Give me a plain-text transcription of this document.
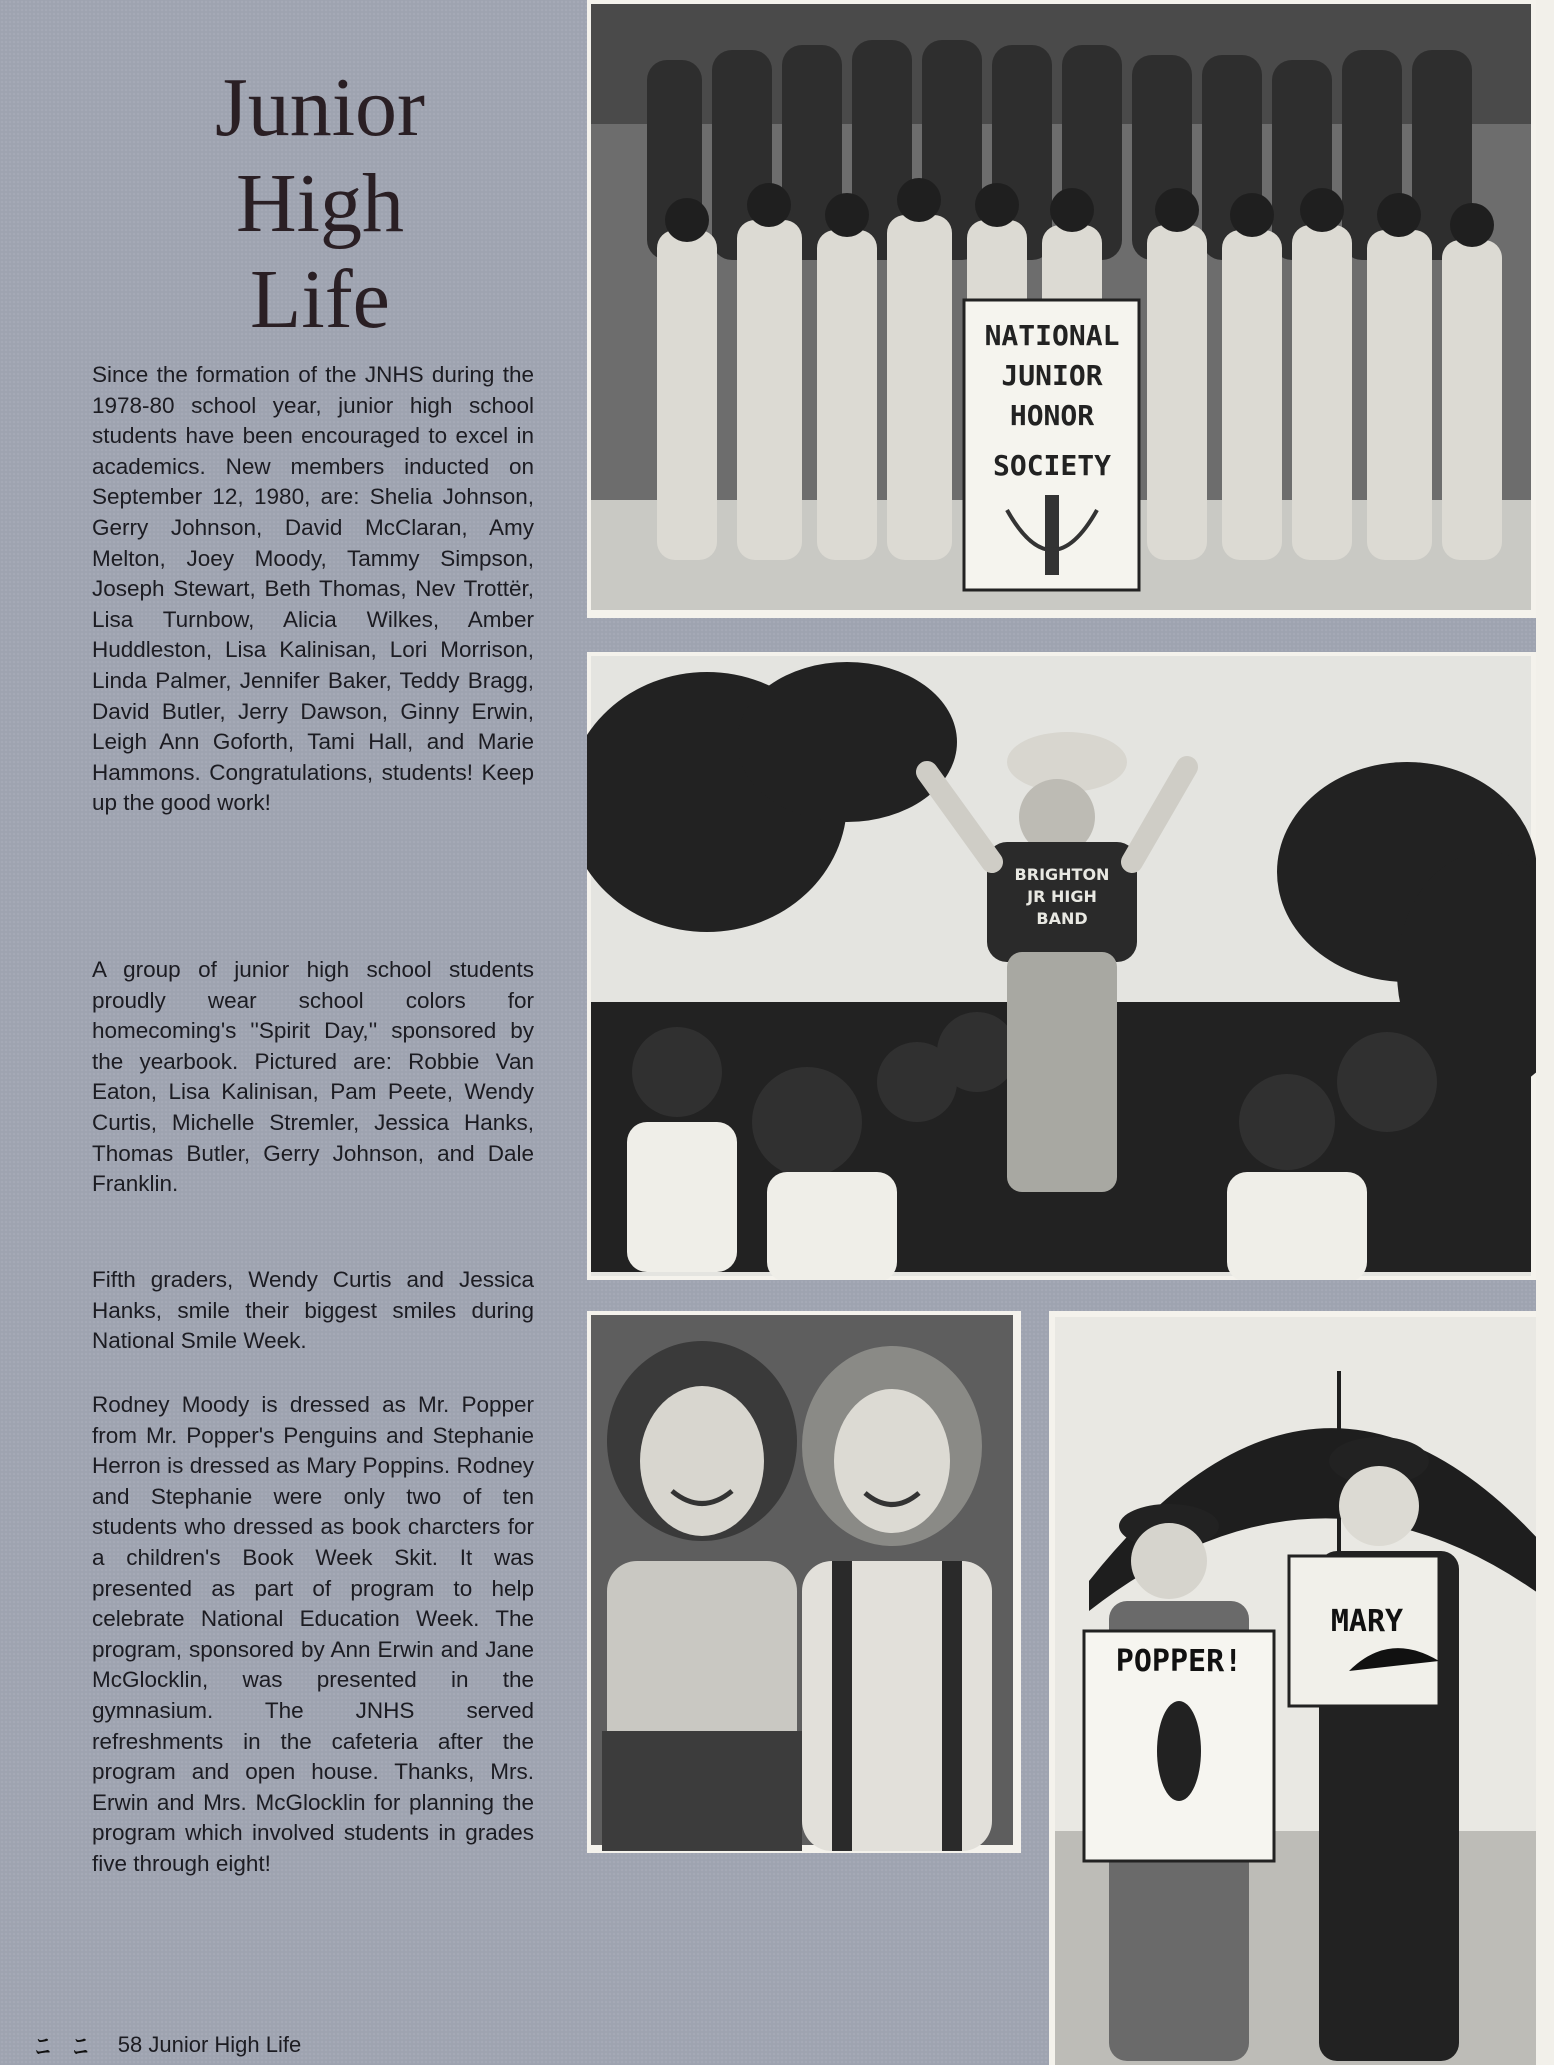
Junior
High
Life

Since the formation of the JNHS during the 1978-80 school year, junior high school students have been encouraged to excel in academics. New members inducted on September 12, 1980, are: Shelia Johnson, Gerry Johnson, David McClaran, Amy Melton, Joey Moody, Tammy Simpson, Joseph Stewart, Beth Thomas, Nev Trottër, Lisa Turnbow, Alicia Wilkes, Amber Huddleston, Lisa Kalinisan, Lori Morrison, Linda Palmer, Jennifer Baker, Teddy Bragg, David Butler, Jerry Dawson, Ginny Erwin, Leigh Ann Goforth, Tami Hall, and Marie Hammons. Congratulations, students! Keep up the good work!

A group of junior high school students proudly wear school colors for homecoming's ''Spirit Day,'' sponsored by the yearbook. Pictured are: Robbie Van Eaton, Lisa Kalinisan, Pam Peete, Wendy Curtis, Michelle Stremler, Jessica Hanks, Thomas Butler, Gerry Johnson, and Dale Franklin.

Fifth graders, Wendy Curtis and Jessica Hanks, smile their biggest smiles during National Smile Week.

Rodney Moody is dressed as Mr. Popper from Mr. Popper's Penguins and Stephanie Herron is dressed as Mary Poppins. Rodney and Stephanie were only two of ten students who dressed as book charcters for a children's Book Week Skit. It was presented as part of program to help celebrate National Education Week. The program, sponsored by Ann Erwin and Jane McGlocklin, was presented in the gymnasium. The JNHS served refreshments in the cafeteria after the program and open house. Thanks, Mrs. Erwin and Mrs. McGlocklin for planning the program which involved students in grades five through eight!

ﾆ ﾆ 58 Junior High Life
NATIONAL
JUNIOR
HONOR
SOCIETY
BRIGHTON
JR HIGH
BAND
POPPER!
MARY
